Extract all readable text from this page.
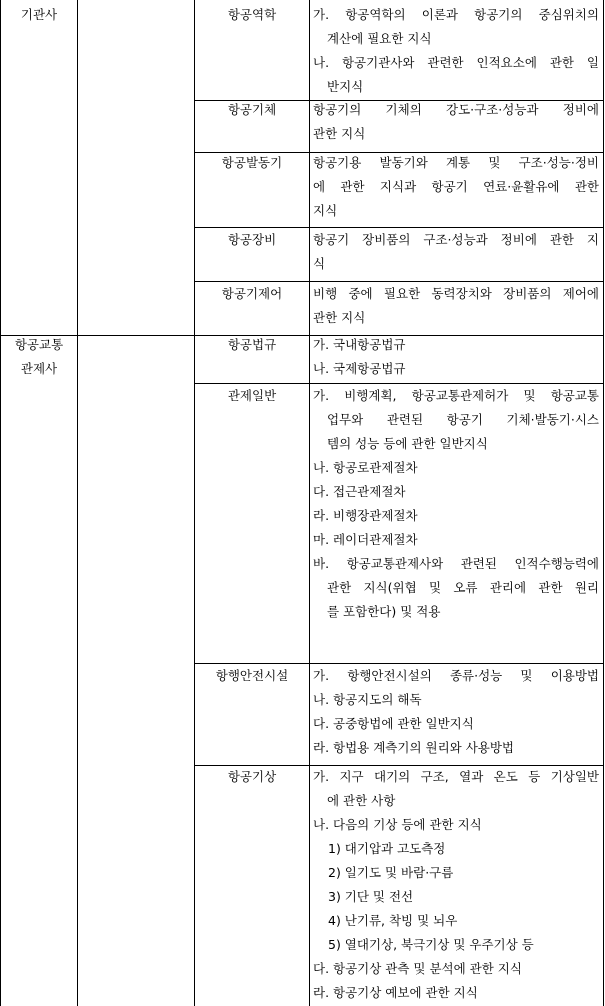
기관사	항공역학	가. 항공역학의 이론과 항공기의 중심위치의
계산에 필요한 지식
나. 항공기관사와 관련한 인적요소에 관한 일
반지식
항공기체	항공기의 기체의 강도·구조·성능과 정비에
관한 지식
항공발동기	항공기용 발동기와 계통 및 구조·성능·정비
에 관한 지식과 항공기 연료·윤활유에 관한
지식
항공장비	항공기 장비품의 구조·성능과 정비에 관한 지
식
항공기제어	비행 중에 필요한 동력장치와 장비품의 제어에
관한 지식
항공교통
관제사
항공법규	가. 국내항공법규
나. 국제항공법규
관제일반	가. 비행계획, 항공교통관제허가 및 항공교통
업무와 관련된 항공기 기체·발동기·시스
템의 성능 등에 관한 일반지식
나. 항공로관제절차
다. 접근관제절차
라. 비행장관제절차
마. 레이더관제절차
바. 항공교통관제사와 관련된 인적수행능력에
관한 지식(위협 및 오류 관리에 관한 원리
를 포함한다) 및 적용
항행안전시설	가. 항행안전시설의 종류·성능 및 이용방법
나. 항공지도의 해독
다. 공중항법에 관한 일반지식
라. 항법용 계측기의 원리와 사용방법
항공기상	가. 지구 대기의 구조, 열과 온도 등 기상일반
에 관한 사항
나. 다음의 기상 등에 관한 지식
1) 대기압과 고도측정
2) 일기도 및 바람·구름
3) 기단 및 전선
4) 난기류, 착빙 및 뇌우
5) 열대기상, 북극기상 및 우주기상 등
다. 항공기상 관측 및 분석에 관한 지식
라. 항공기상 예보에 관한 지식
